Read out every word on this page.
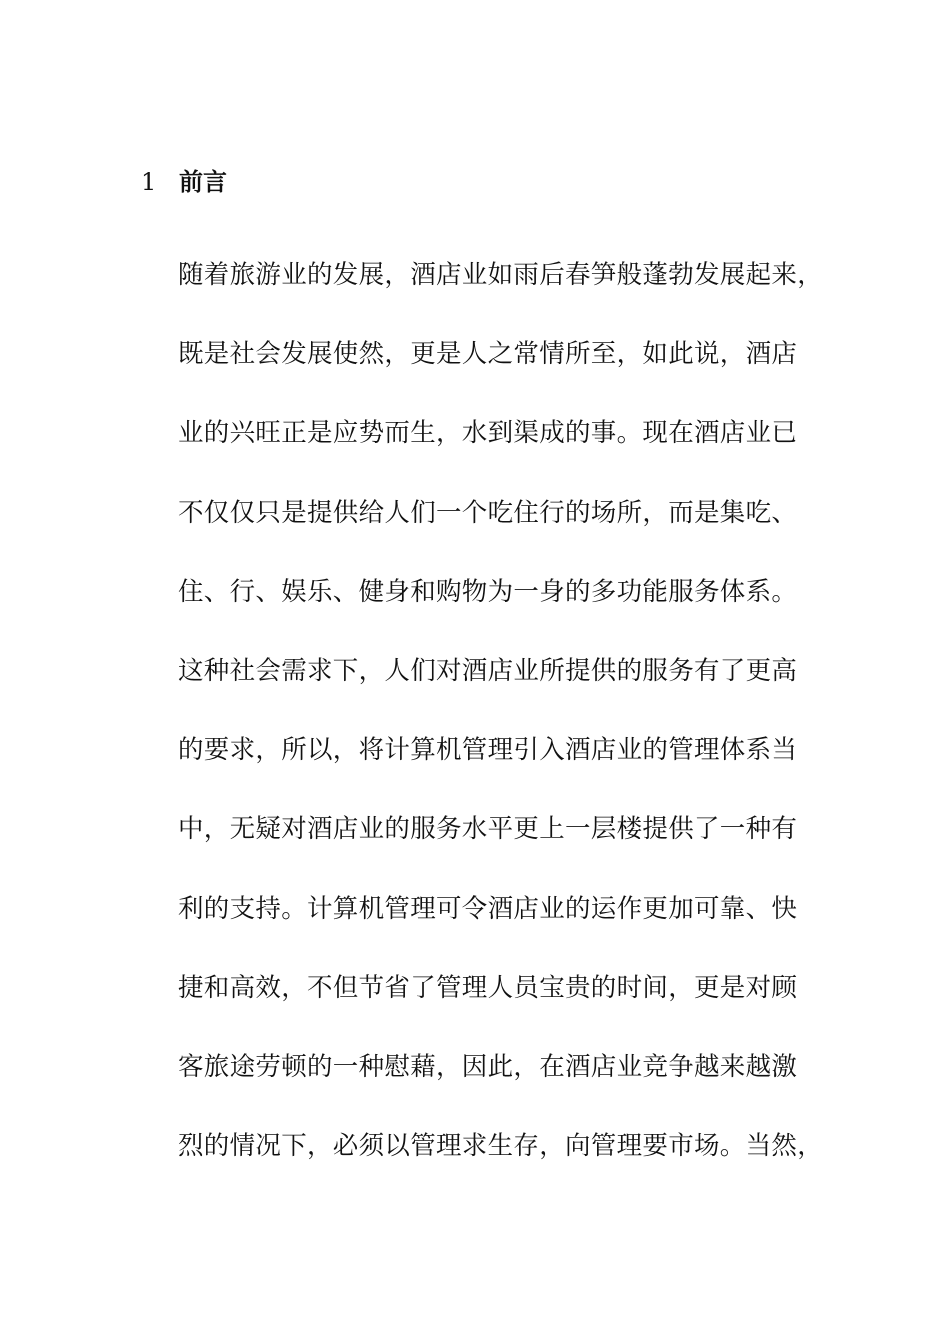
1 前言
随着旅游业的发展，酒店业如雨后春笋般蓬勃发展起来，
既是社会发展使然，更是人之常情所至，如此说，酒店
业的兴旺正是应势而生，水到渠成的事。现在酒店业已
不仅仅只是提供给人们一个吃住行的场所，而是集吃、
住、行、娱乐、健身和购物为一身的多功能服务体系。
这种社会需求下，人们对酒店业所提供的服务有了更高
的要求，所以，将计算机管理引入酒店业的管理体系当
中，无疑对酒店业的服务水平更上一层楼提供了一种有
利的支持。计算机管理可令酒店业的运作更加可靠、快
捷和高效，不但节省了管理人员宝贵的时间，更是对顾
客旅途劳顿的一种慰藉，因此，在酒店业竞争越来越激
烈的情况下，必须以管理求生存，向管理要市场。当然，
